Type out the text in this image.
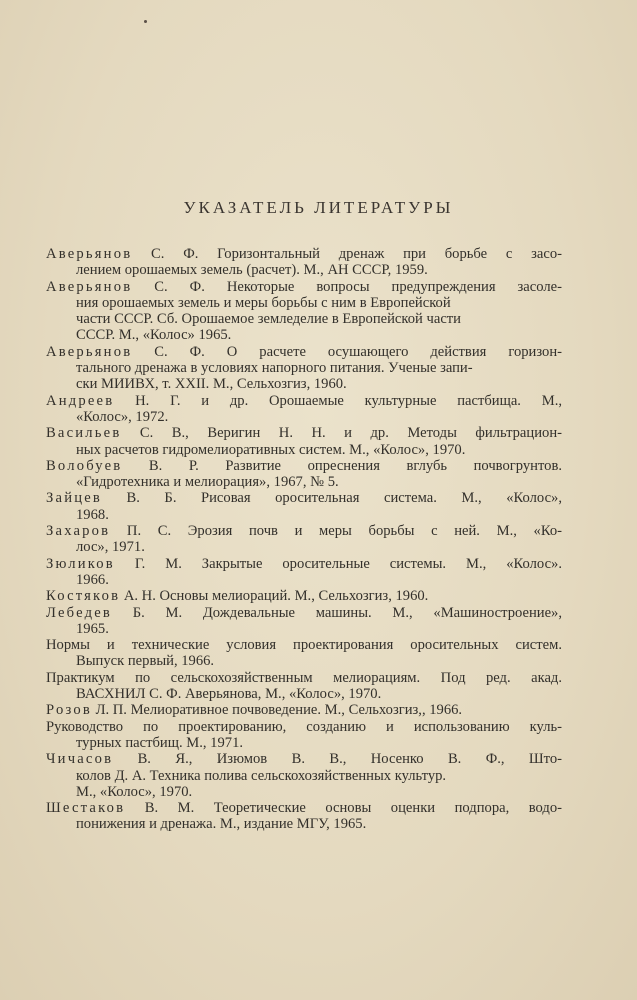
УКАЗАТЕЛЬ ЛИТЕРАТУРЫ
Аверьянов С. Ф. Горизонтальный дренаж при борьбе с засо-
лением орошаемых земель (расчет). М., АН СССР, 1959.
Аверьянов С. Ф. Некоторые вопросы предупреждения засоле-
ния орошаемых земель и меры борьбы с ним в Европейской
части СССР. Сб. Орошаемое земледелие в Европейской части
СССР. М., «Колос» 1965.
Аверьянов С. Ф. О расчете осушающего действия горизон-
тального дренажа в условиях напорного питания. Ученые запи-
ски МИИВХ, т. XXII. М., Сельхозгиз, 1960.
Андреев Н. Г. и др. Орошаемые культурные пастбища. М.,
«Колос», 1972.
Васильев С. В., Веригин Н. Н. и др. Методы фильтрацион-
ных расчетов гидромелиоративных систем. М., «Колос», 1970.
Волобуев В. Р. Развитие опреснения вглубь почвогрунтов.
«Гидротехника и мелиорация», 1967, № 5.
Зайцев В. Б. Рисовая оросительная система. М., «Колос»,
1968.
Захаров П. С. Эрозия почв и меры борьбы с ней. М., «Ко-
лос», 1971.
Зюликов Г. М. Закрытые оросительные системы. М., «Колос».
1966.
Костяков А. Н. Основы мелиораций. М., Сельхозгиз, 1960.
Лебедев Б. М. Дождевальные машины. М., «Машиностроение»,
1965.
Нормы и технические условия проектирования оросительных систем.
Выпуск первый, 1966.
Практикум по сельскохозяйственным мелиорациям. Под ред. акад.
ВАСХНИЛ С. Ф. Аверьянова, М., «Колос», 1970.
Розов Л. П. Мелиоративное почвоведение. М., Сельхозгиз,, 1966.
Руководство по проектированию, созданию и использованию куль-
турных пастбищ. М., 1971.
Чичасов В. Я., Изюмов В. В., Носенко В. Ф., Што-
колов Д. А. Техника полива сельскохозяйственных культур.
М., «Колос», 1970.
Шестаков В. М. Теоретические основы оценки подпора, водо-
понижения и дренажа. М., издание МГУ, 1965.
